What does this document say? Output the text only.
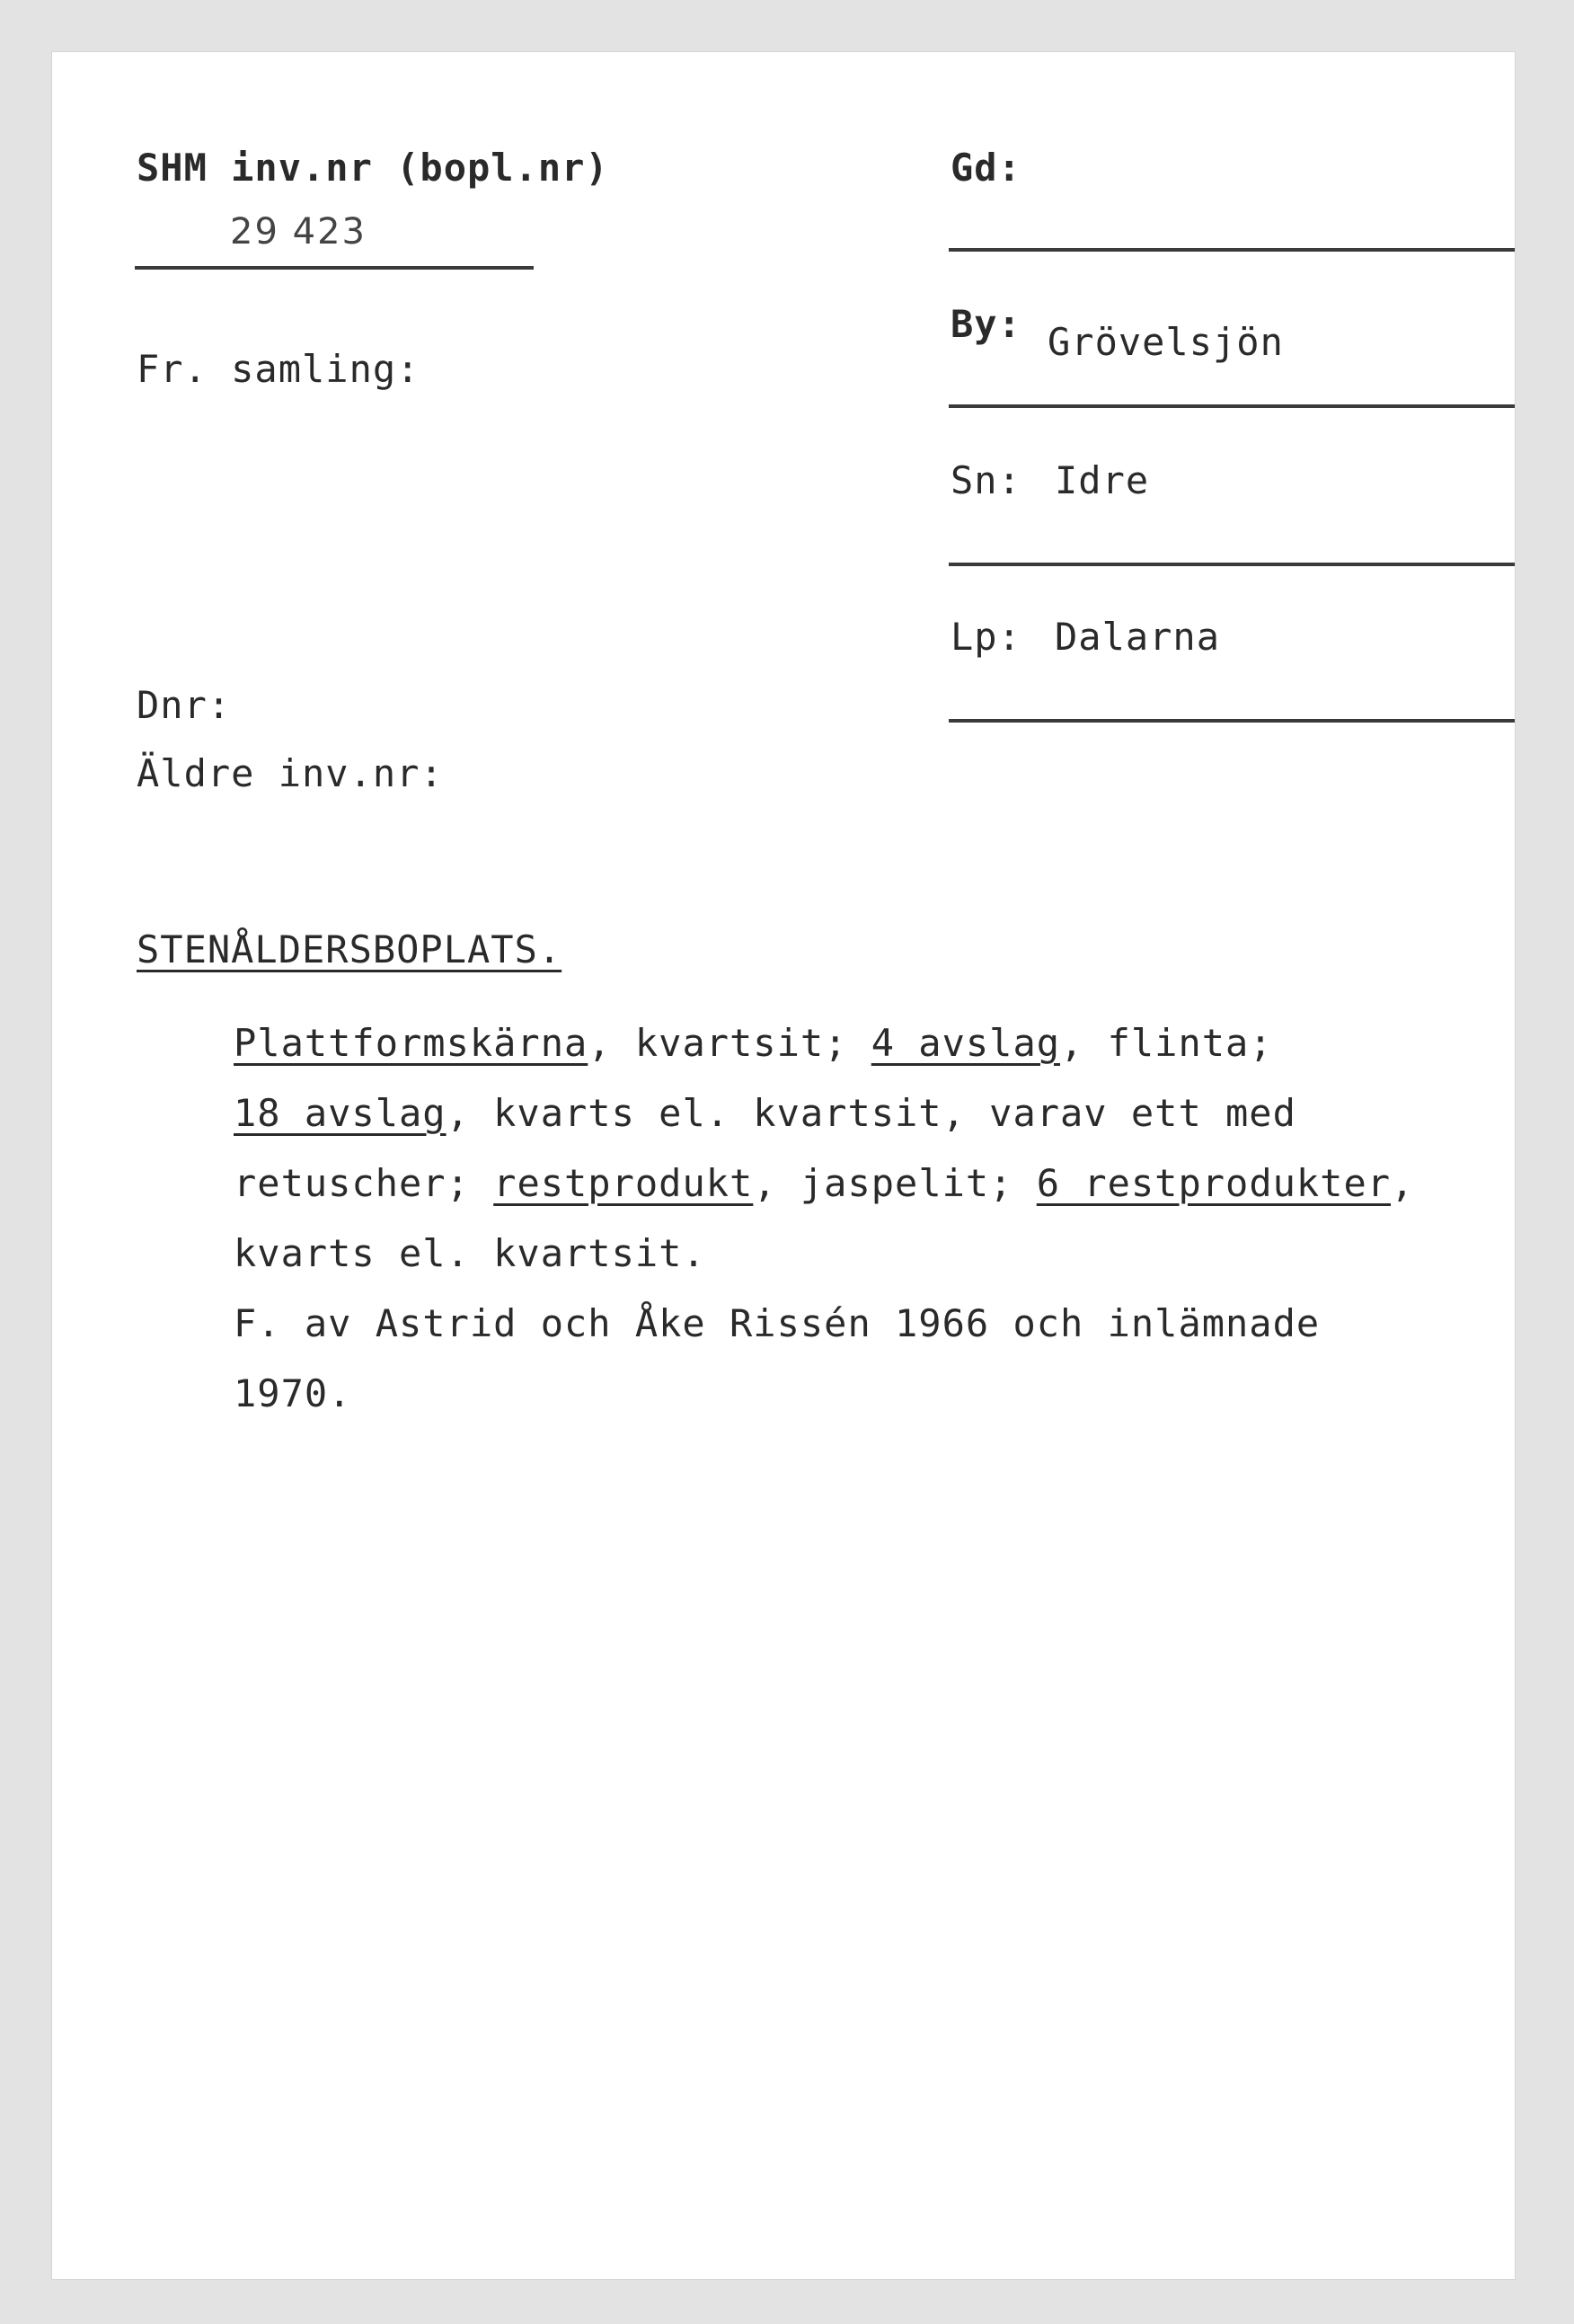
SHM inv.nr (bopl.nr)
29 423
Fr. samling:
Dnr:
Äldre inv.nr:
Gd:
By: Grövelsjön
Sn: Idre
Lp: Dalarna
STENÅLDERSBOPLATS.
Plattformskärna, kvartsit; 4 avslag, flinta;
18 avslag, kvarts el. kvartsit, varav ett med
retuscher; restprodukt, jaspelit; 6 restprodukter,
kvarts el. kvartsit.
F. av Astrid och Åke Rissén 1966 och inlämnade
1970.
